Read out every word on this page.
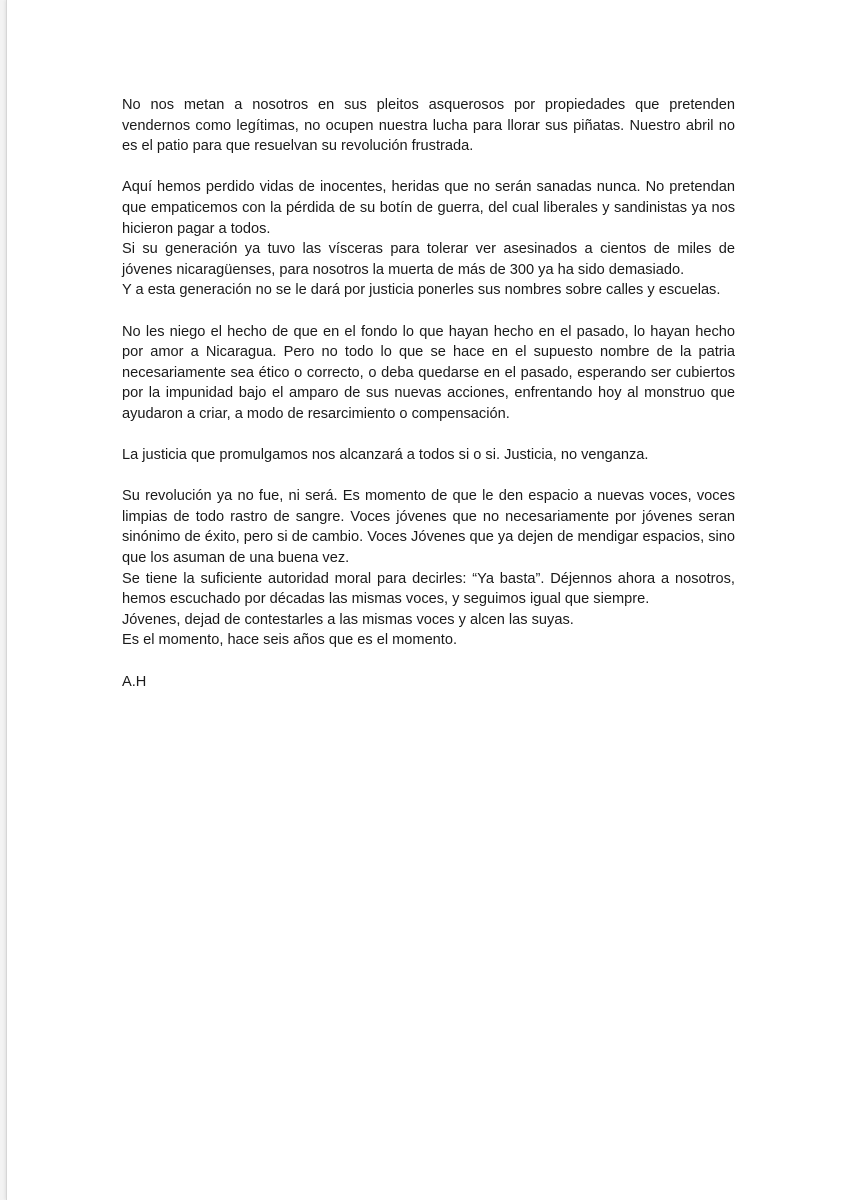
No nos metan a nosotros en sus pleitos asquerosos por propiedades que pretenden vendernos como legítimas, no ocupen nuestra lucha para llorar sus piñatas. Nuestro abril no es el patio para que resuelvan su revolución frustrada.

Aquí hemos perdido vidas de inocentes, heridas que no serán sanadas nunca. No pretendan que empaticemos con la pérdida de su botín de guerra, del cual liberales y sandinistas ya nos hicieron pagar a todos.
Si su generación ya tuvo las vísceras para tolerar ver asesinados a cientos de miles de jóvenes nicaragüenses, para nosotros la muerta de más de 300 ya ha sido demasiado.
Y a esta generación no se le dará por justicia ponerles sus nombres sobre calles y escuelas.

No les niego el hecho de que en el fondo lo que hayan hecho en el pasado, lo hayan hecho por amor a Nicaragua. Pero no todo lo que se hace en el supuesto nombre de la patria necesariamente sea ético o correcto, o deba quedarse en el pasado, esperando ser cubiertos por la impunidad bajo el amparo de sus nuevas acciones, enfrentando hoy al monstruo que ayudaron a criar, a modo de resarcimiento o compensación.

La justicia que promulgamos nos alcanzará a todos si o si. Justicia, no venganza.

Su revolución ya no fue, ni será. Es momento de que le den espacio a nuevas voces, voces limpias de todo rastro de sangre. Voces jóvenes que no necesariamente por jóvenes seran sinónimo de éxito, pero si de cambio. Voces Jóvenes que ya dejen de mendigar espacios, sino que los asuman de una buena vez.
Se tiene la suficiente autoridad moral para decirles: “Ya basta”. Déjennos ahora a nosotros, hemos escuchado por décadas las mismas voces, y seguimos igual que siempre.
Jóvenes, dejad de contestarles a las mismas voces y alcen las suyas.
Es el momento, hace seis años que es el momento.

A.H
